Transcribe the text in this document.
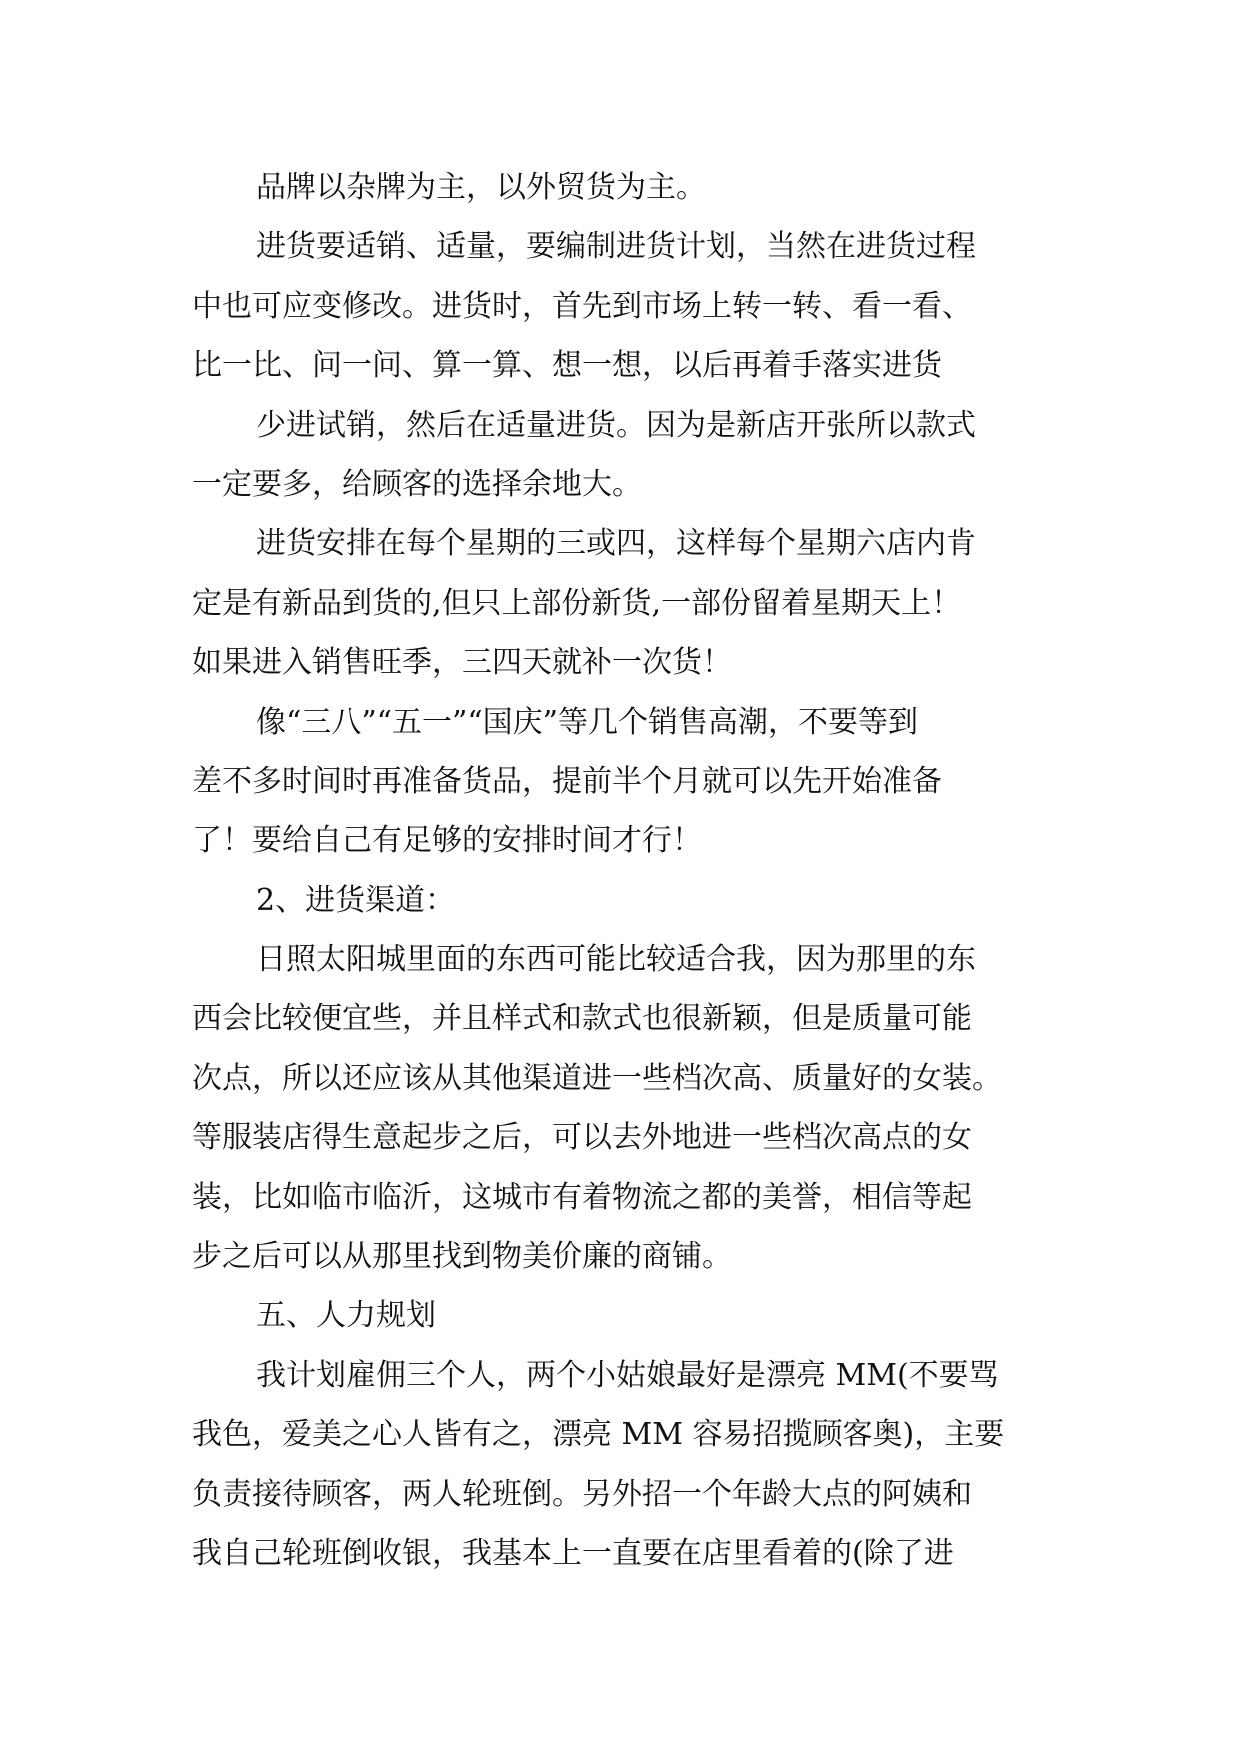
品牌以杂牌为主，以外贸货为主。
进货要适销、适量，要编制进货计划，当然在进货过程
中也可应变修改。进货时，首先到市场上转一转、看一看、
比一比、问一问、算一算、想一想，以后再着手落实进货
少进试销，然后在适量进货。因为是新店开张所以款式
一定要多，给顾客的选择余地大。
进货安排在每个星期的三或四，这样每个星期六店内肯
定是有新品到货的,但只上部份新货,一部份留着星期天上！
如果进入销售旺季，三四天就补一次货！
像“三八”“五一”“国庆”等几个销售高潮，不要等到
差不多时间时再准备货品，提前半个月就可以先开始准备
了！要给自己有足够的安排时间才行！
2、进货渠道：
日照太阳城里面的东西可能比较适合我，因为那里的东
西会比较便宜些，并且样式和款式也很新颖，但是质量可能
次点，所以还应该从其他渠道进一些档次高、质量好的女装。
等服装店得生意起步之后，可以去外地进一些档次高点的女
装，比如临市临沂，这城市有着物流之都的美誉，相信等起
步之后可以从那里找到物美价廉的商铺。
五、人力规划
我计划雇佣三个人，两个小姑娘最好是漂亮 MM(不要骂
我色，爱美之心人皆有之，漂亮 MM 容易招揽顾客奥)，主要
负责接待顾客，两人轮班倒。另外招一个年龄大点的阿姨和
我自己轮班倒收银，我基本上一直要在店里看着的(除了进
